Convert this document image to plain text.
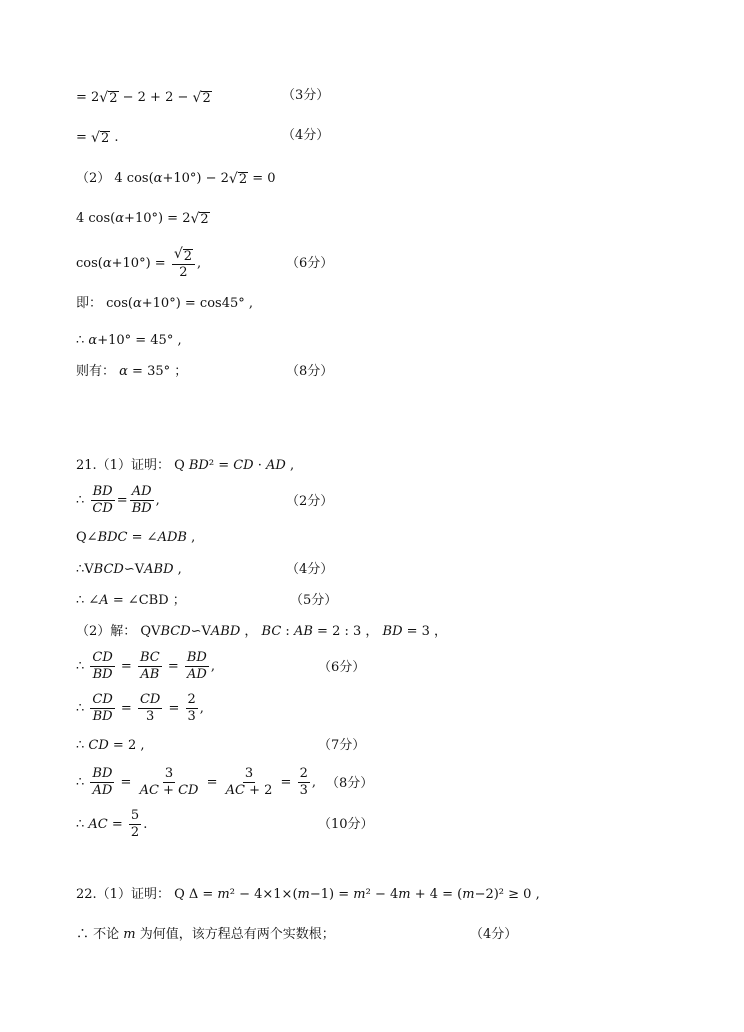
= 2 √ 2 − 2 + 2 − √ 2	（3分）
= √ 2 .	（4分）
（2） 4 cos( α +10°) − 2 √ 2 = 0
4 cos( α +10°) = 2 √ 2
cos( $\alpha +10^\circ) = \frac{√ 2}{2}$ ,	（6分）
即： cos( α +10°) = cos45° ,
∴ α +10° = 45° ,
则有： α = 35° ；	（8分）
21.（1）证明： Q BD ² = CD · AD ,
∴ $\frac{BD}{CD} = \frac{AD}{BD}$ ,	（2分）
Q∠ BDC = ∠ ADB ,
∴V BCD ∽V ABD ,	（4分）
∴ ∠ A = ∠CBD ；	（5分）
（2）解： QV BCD ∽V ABD ， BC : AB = 2 : 3 ， BD = 3 ，
∴ $\frac{CD}{BD} = \frac{BC}{AB} = \frac{BD}{AD}$ ,	（6分）
∴ $\frac{CD}{BD} = \frac{CD}{3} = \frac{2}{3}$ ,
∴ CD = 2 ,	（7分）
∴ $\frac{BD}{AD} = \frac{3}{AC + CD} = \frac{3}{AC + 2} = \frac{2}{3}$ , （8分）
∴ AC = $\frac{5}{2}$ .	（10分）
22.（1）证明： Q Δ = m ² − 4×1×( m −1) = m ² − 4 m + 4 = ( m −2)² ≥ 0 ,
∴ 不论 m 为何值，该方程总有两个实数根；	（4分）
